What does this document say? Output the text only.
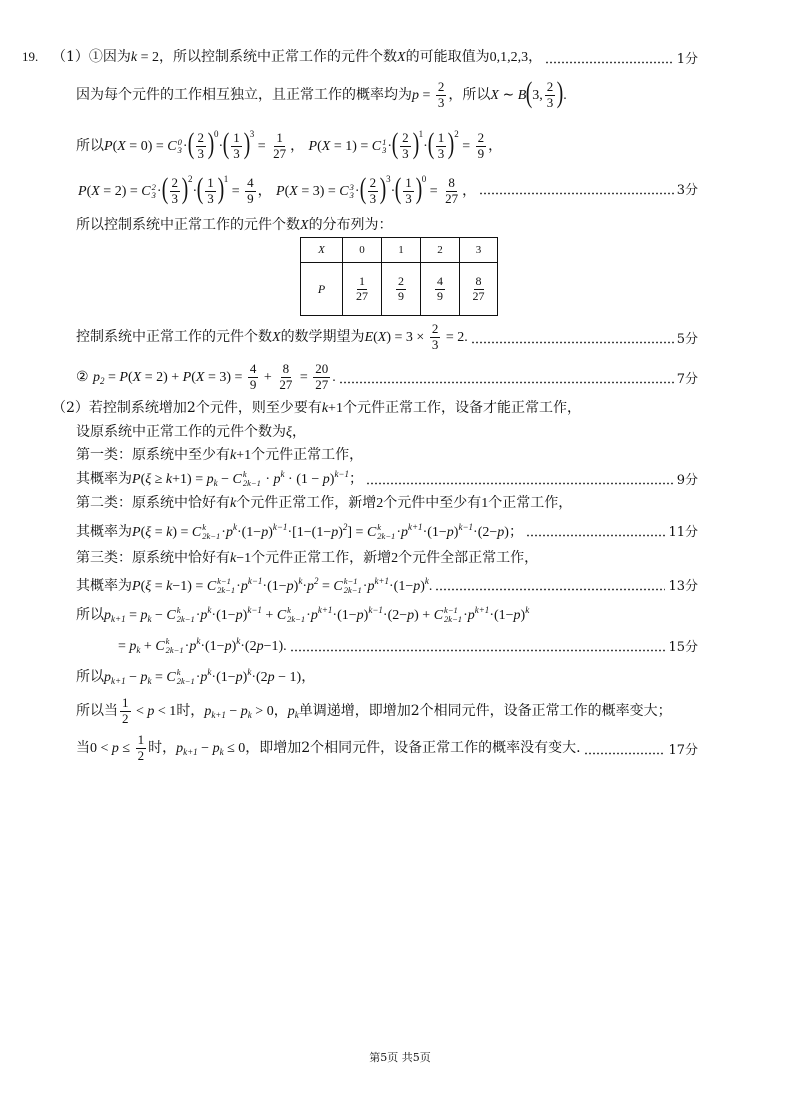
19. （1）①因为k = 2，所以控制系统中正常工作的元件个数X的可能取值为0,1,2,3，	1分
因为每个元件的工作相互独立，且正常工作的概率均为$p = \frac{2}{3}$ ，所以X ∼ B(3, $\frac{2}{3}$ ).
所以P(X = 0) = C 0
3 ·( $\frac{2}{3} )^0\cdot( \frac{1}{3} )^3 = \frac{1}{27}$ ， P(X = 1) = C 1
3 ·( $\frac{2}{3} )^1\cdot( \frac{1}{3} )^2 = \frac{2}{9}$ ，
P(X = 2) = C 2
3 ·( $\frac{2}{3} )^2\cdot( \frac{1}{3} )^1 = \frac{4}{9}$ ， P(X = 3) = C 3
3 ·( $\frac{2}{3} )^3\cdot( \frac{1}{3} )^0 = \frac{8}{27}$ ，	3分
所以控制系统中正常工作的元件个数X的分布列为：
X	0	1	2	3
P	$\frac{1}{27}$	$\frac{2}{9}$	$\frac{4}{9}$	$\frac{8}{27}$
控制系统中正常工作的元件个数X的数学期望为$E(X) = 3 \times \frac{2}{3} = 2$.	5分
② $p_2 = P(X = 2) + P(X = 3) = \frac{4}{9} + \frac{8}{27} = \frac{20}{27}$ .	7分
（2）若控制系统增加2个元件，则至少要有k+1个元件正常工作，设备才能正常工作，
设原系统中正常工作的元件个数为ξ，
第一类：原系统中至少有k+1个元件正常工作，
其概率为$P(\xi \ge k+1) = p_k - C$ k
$2k-1 \cdot p^k \cdot (1 - p)^{k-1}$；	9分
第二类：原系统中恰好有k个元件正常工作，新增2个元件中至少有1个正常工作，
其概率为P(ξ = k) = C k
$2k-1 \cdot p^k\cdot(1-p)^{k-1}\cdot[1-(1-p)^2] = C$ k
$2k-1 \cdot p^{k+1}\cdot(1-p)^{k-1}\cdot(2-p)$；	11分
第三类：原系统中恰好有k−1个元件正常工作，新增2个元件全部正常工作，
其概率为P(ξ = k−1) = C k−1
$2k-1 \cdot p^{k-1}\cdot(1-p)^k\cdot p^2 = C$ k−1
$2k-1 \cdot p^{k+1}\cdot(1-p)^k$.	13分
所以$p_{k+1} = p_k - C$ k
$2k-1 \cdot p^k\cdot(1-p)^{k-1} + C$ k
$2k-1 \cdot p^{k+1}\cdot(1-p)^{k-1}\cdot(2-p) + C$ k−1
$2k-1 \cdot p^{k+1}\cdot(1-p)^k$
= $p_k + C$ k
$2k-1 \cdot p^k\cdot(1-p)^k\cdot(2p-1)$.	15分
所以$p_{k+1} - p_k = C$ k
$2k-1 \cdot p^k\cdot(1-p)^k\cdot(2p - 1)$，
所以当 $\frac{1}{2} < p < 1$时，$p_{k+1} - p_k > 0$，$p_k$单调递增，即增加2个相同元件，设备正常工作的概率变大；
当$0 < p \le \frac{1}{2}$ 时，$p_{k+1} - p_k \le 0$，即增加2个相同元件，设备正常工作的概率没有变大.	17分
第5页 共5页
